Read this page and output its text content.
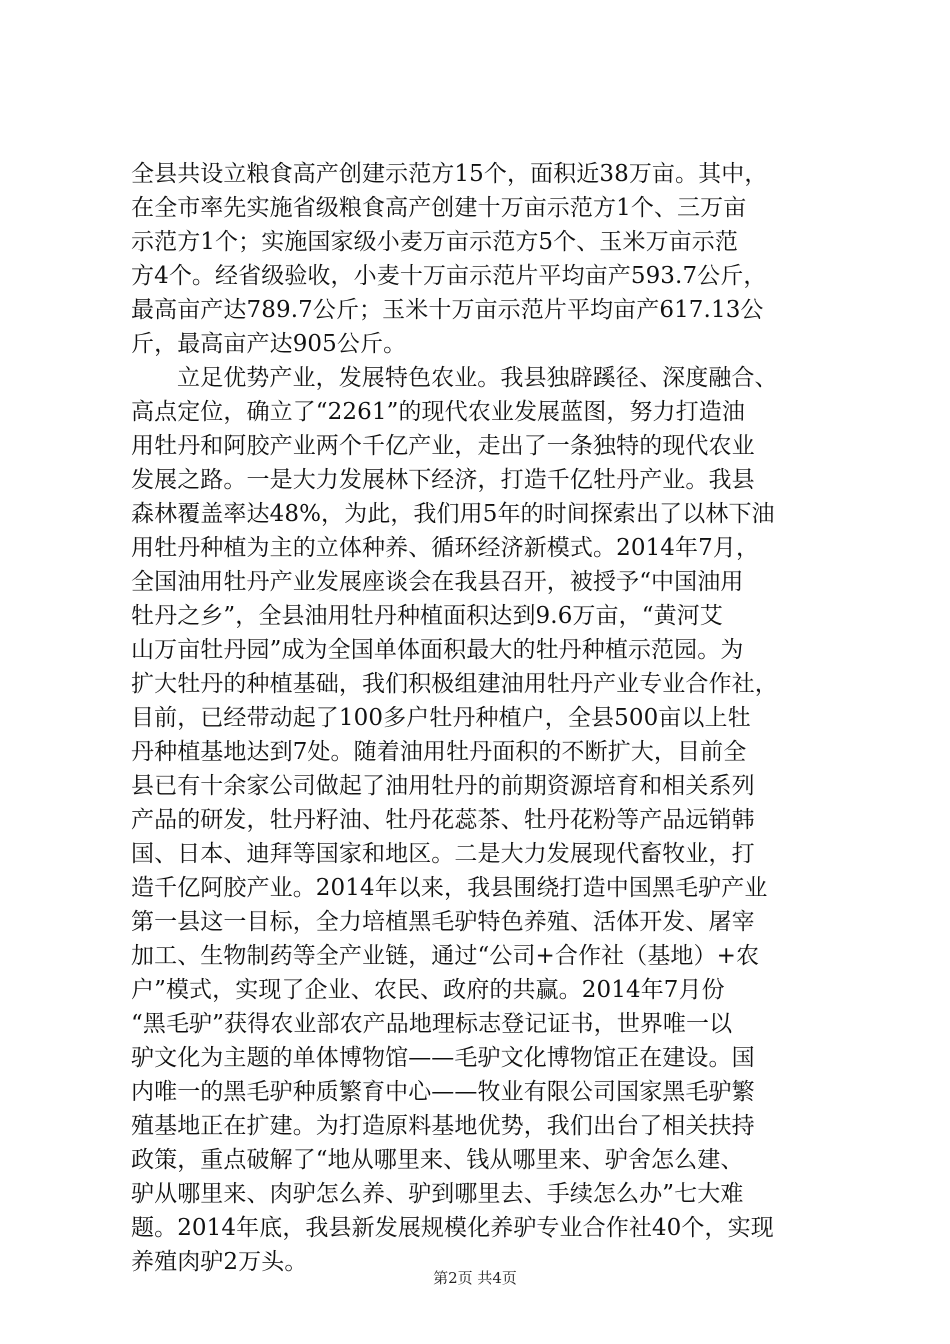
全县共设立粮食高产创建示范方15个，面积近38万亩。其中，
在全市率先实施省级粮食高产创建十万亩示范方1个、三万亩
示范方1个；实施国家级小麦万亩示范方5个、玉米万亩示范
方4个。经省级验收，小麦十万亩示范片平均亩产593.7公斤，
最高亩产达789.7公斤；玉米十万亩示范片平均亩产617.13公
斤，最高亩产达905公斤。
立足优势产业，发展特色农业。我县独辟蹊径、深度融合、
高点定位，确立了“2261”的现代农业发展蓝图，努力打造油
用牡丹和阿胶产业两个千亿产业，走出了一条独特的现代农业
发展之路。一是大力发展林下经济，打造千亿牡丹产业。我县
森林覆盖率达48%，为此，我们用5年的时间探索出了以林下油
用牡丹种植为主的立体种养、循环经济新模式。2014年7月，
全国油用牡丹产业发展座谈会在我县召开，被授予“中国油用
牡丹之乡”，全县油用牡丹种植面积达到9.6万亩，“黄河艾
山万亩牡丹园”成为全国单体面积最大的牡丹种植示范园。为
扩大牡丹的种植基础，我们积极组建油用牡丹产业专业合作社，
目前，已经带动起了100多户牡丹种植户，全县500亩以上牡
丹种植基地达到7处。随着油用牡丹面积的不断扩大，目前全
县已有十余家公司做起了油用牡丹的前期资源培育和相关系列
产品的研发，牡丹籽油、牡丹花蕊茶、牡丹花粉等产品远销韩
国、日本、迪拜等国家和地区。二是大力发展现代畜牧业，打
造千亿阿胶产业。2014年以来，我县围绕打造中国黑毛驴产业
第一县这一目标，全力培植黑毛驴特色养殖、活体开发、屠宰
加工、生物制药等全产业链，通过“公司+合作社（基地）+农
户”模式，实现了企业、农民、政府的共赢。2014年7月份
“黑毛驴”获得农业部农产品地理标志登记证书，世界唯一以
驴文化为主题的单体博物馆——毛驴文化博物馆正在建设。国
内唯一的黑毛驴种质繁育中心——牧业有限公司国家黑毛驴繁
殖基地正在扩建。为打造原料基地优势，我们出台了相关扶持
政策，重点破解了“地从哪里来、钱从哪里来、驴舍怎么建、
驴从哪里来、肉驴怎么养、驴到哪里去、手续怎么办”七大难
题。2014年底，我县新发展规模化养驴专业合作社40个，实现
养殖肉驴2万头。
第2页 共4页
